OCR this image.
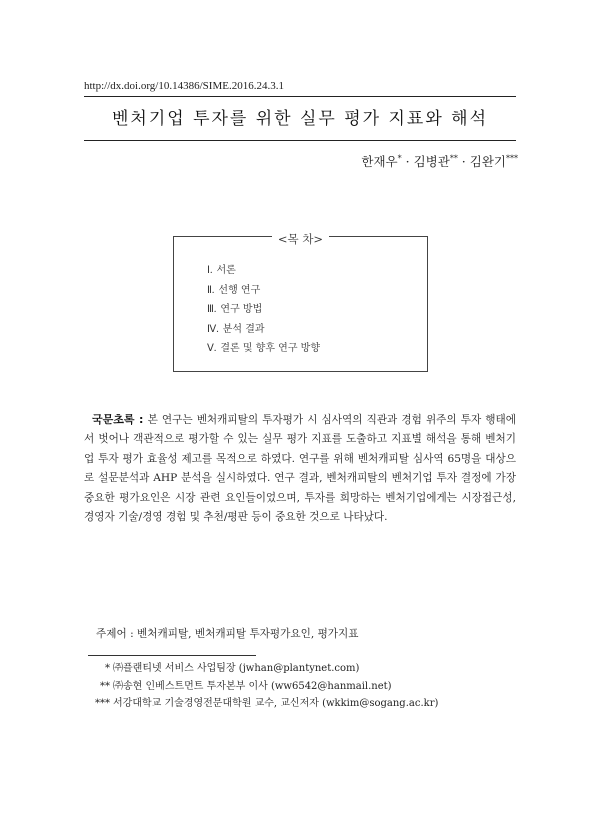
http://dx.doi.org/10.14386/SIME.2016.24.3.1
벤처기업 투자를 위한 실무 평가 지표와 해석
한재우* · 김병관** · 김완기***
<목 차>
Ⅰ. 서론
Ⅱ. 선행 연구
Ⅲ. 연구 방법
Ⅳ. 분석 결과
Ⅴ. 결론 및 향후 연구 방향

국문초록 : 본 연구는 벤처캐피탈의 투자평가 시 심사역의 직관과 경험 위주의 투자 행태에서 벗어나 객관적으로 평가할 수 있는 실무 평가 지표를 도출하고 지표별 해석을 통해 벤처기업 투자 평가 효율성 제고를 목적으로 하였다. 연구를 위해 벤처캐피탈 심사역 65명을 대상으로 설문분석과 AHP 분석을 실시하였다. 연구 결과, 벤처캐피탈의 벤처기업 투자 결정에 가장 중요한 평가요인은 시장 관련 요인들이었으며, 투자를 희망하는 벤처기업에게는 시장접근성, 경영자 기술/경영 경험 및 추천/평판 등이 중요한 것으로 나타났다.

주제어 : 벤처캐피탈, 벤처캐피탈 투자평가요인, 평가지표
* ㈜플랜티넷 서비스 사업팀장 (jwhan@plantynet.com)
** ㈜송현 인베스트먼트 투자본부 이사 (ww6542@hanmail.net)
*** 서강대학교 기술경영전문대학원 교수, 교신저자 (wkkim@sogang.ac.kr)
